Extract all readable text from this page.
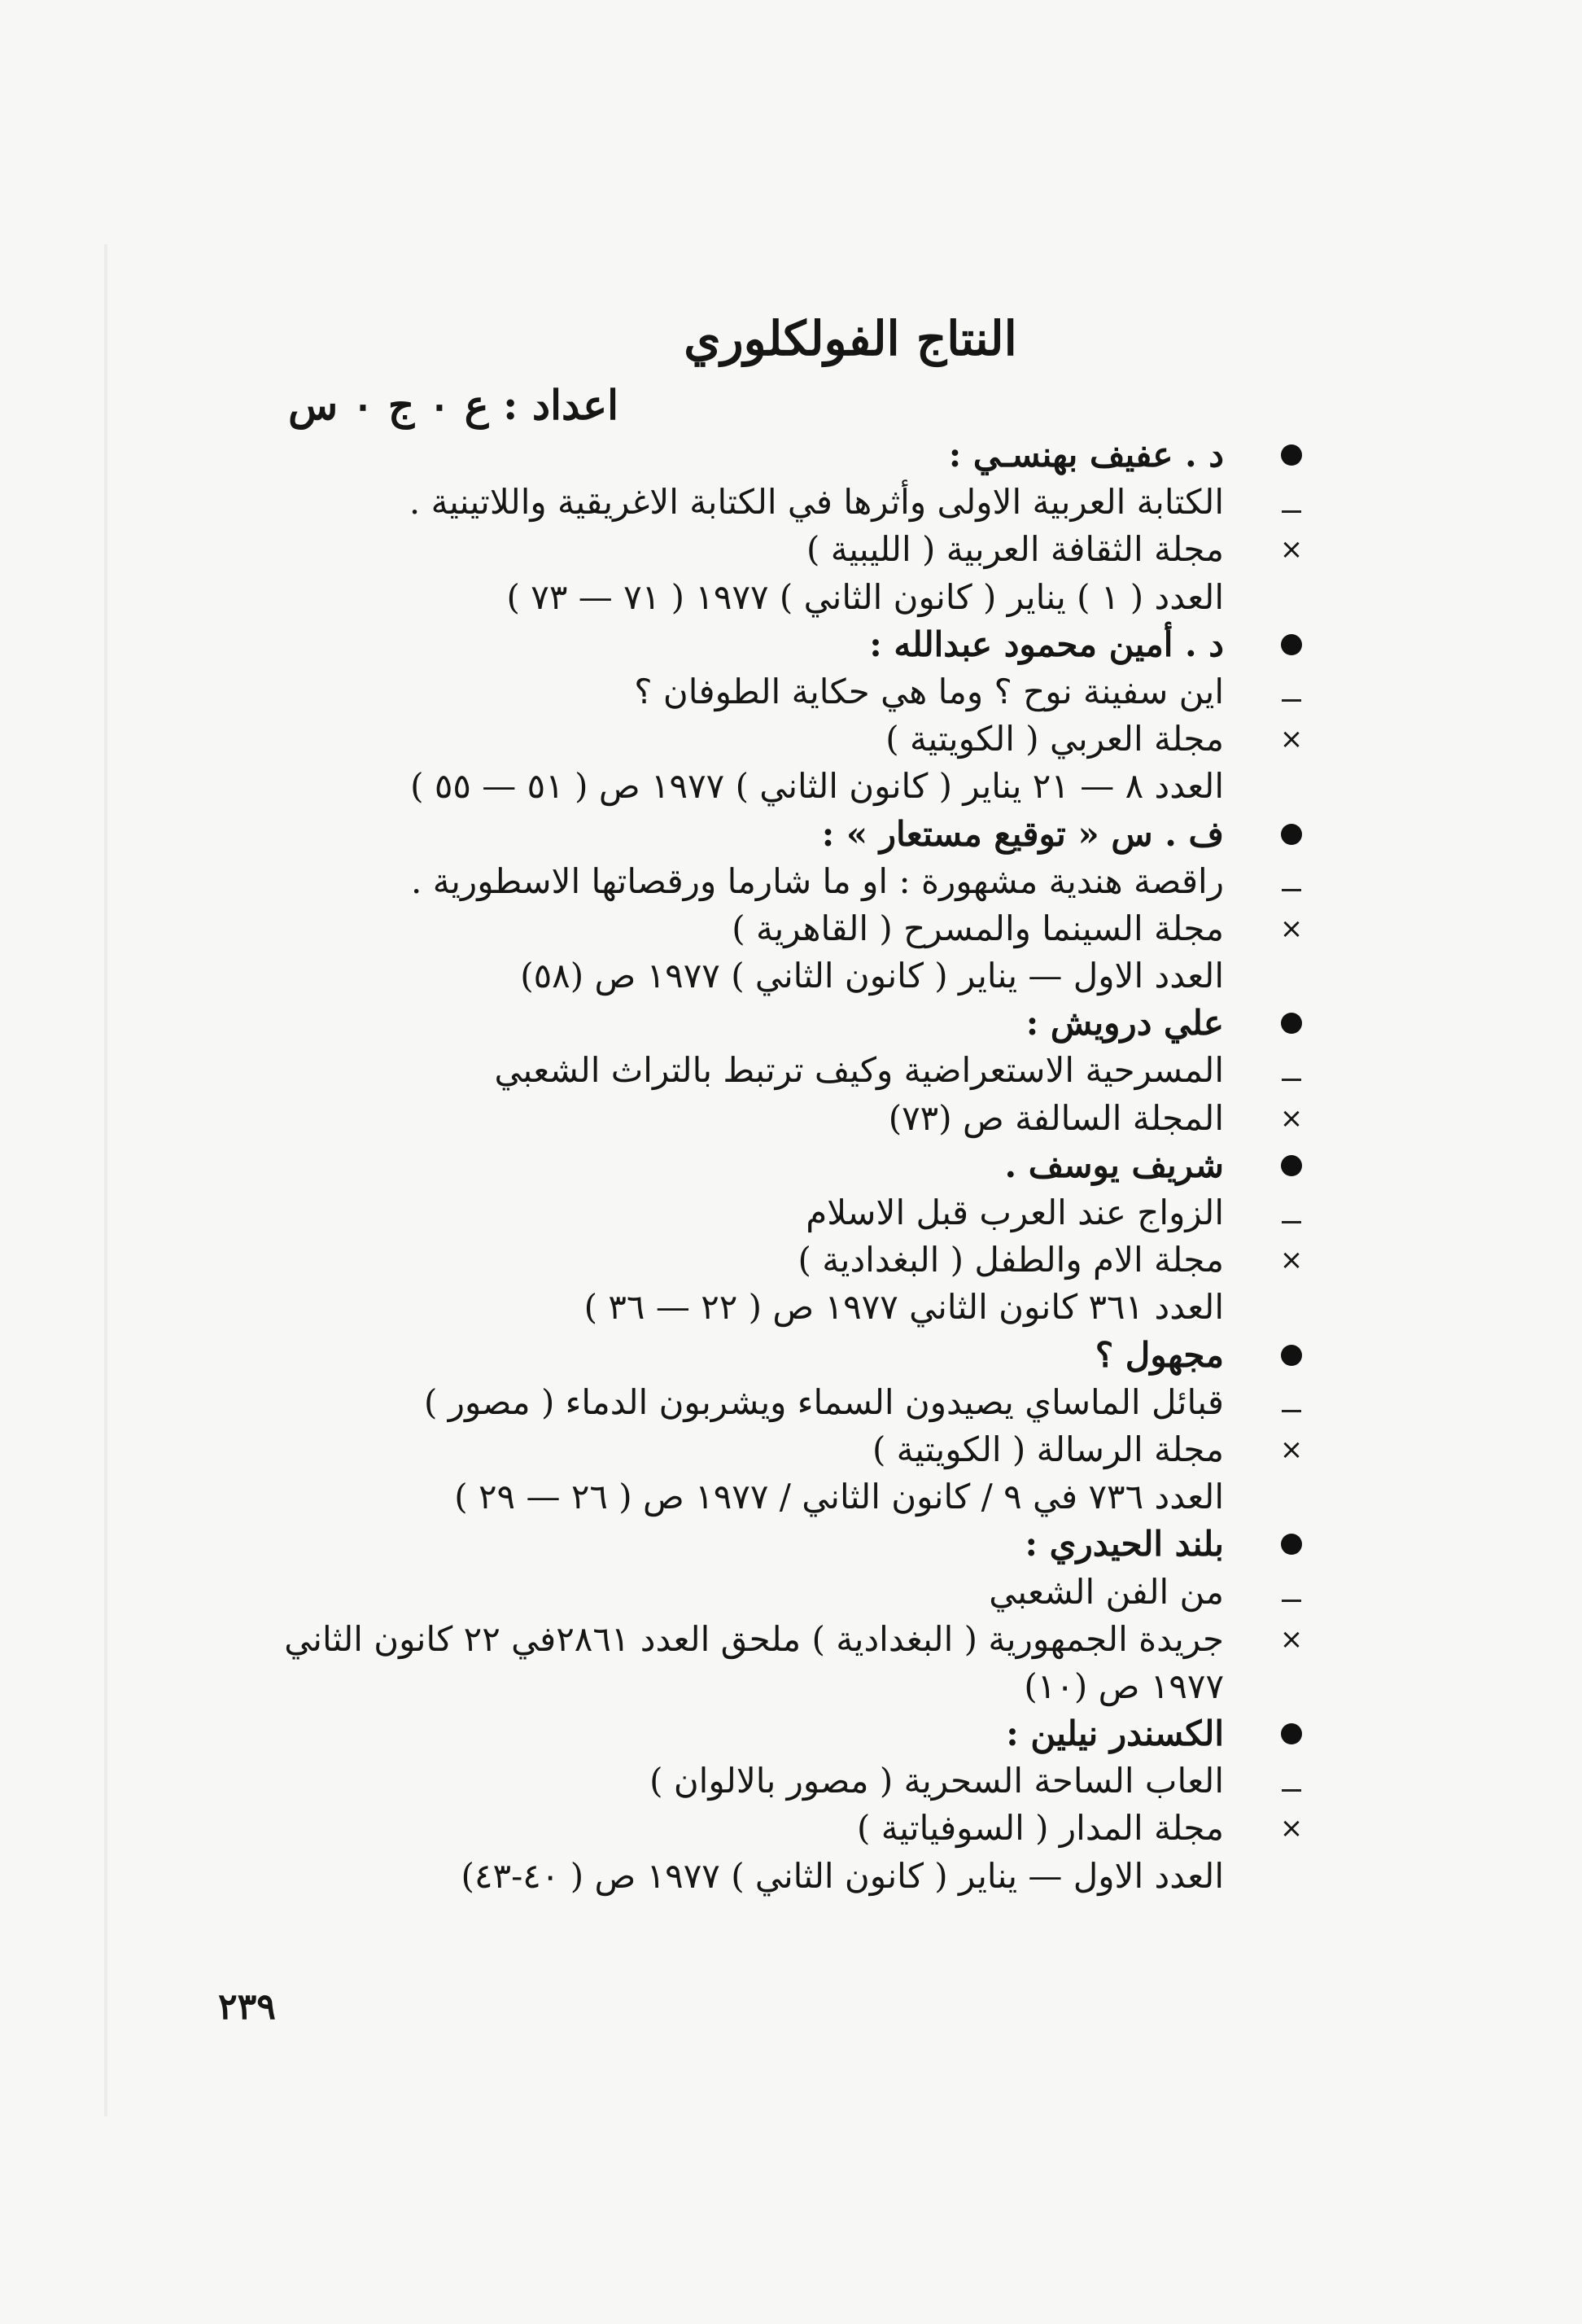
النتاج الفولكلوري
اعداد : ع ٠ ج ٠ س
د . عفيف بهنسـي :
الكتابة العربية الاولى وأثرها في الكتابة الاغريقية واللاتينية .
×
مجلة الثقافة العربية ( الليبية )
العدد ( ١ ) يناير ( كانون الثاني ) ١٩٧٧ ( ٧١ — ٧٣ )
د . أمين محمود عبدالله :
اين سفينة نوح ؟ وما هي حكاية الطوفان ؟
×
مجلة العربي ( الكويتية )
العدد ٨ — ٢١ يناير ( كانون الثاني ) ١٩٧٧ ص ( ٥١ — ٥٥ )
ف . س « توقيع مستعار » :
راقصة هندية مشهورة : او ما شارما ورقصاتها الاسطورية .
×
مجلة السينما والمسرح ( القاهرية )
العدد الاول — يناير ( كانون الثاني ) ١٩٧٧ ص (٥٨)
علي درويش :
المسرحية الاستعراضية وكيف ترتبط بالتراث الشعبي
×
المجلة السالفة ص (٧٣)
شريف يوسف .
الزواج عند العرب قبل الاسلام
×
مجلة الام والطفل ( البغدادية )
العدد ٣٦١ كانون الثاني ١٩٧٧ ص ( ٢٢ — ٣٦ )
مجهول ؟
قبائل الماساي يصيدون السماء ويشربون الدماء ( مصور )
×
مجلة الرسالة ( الكويتية )
العدد ٧٣٦ في ٩ / كانون الثاني / ١٩٧٧ ص ( ٢٦ — ٢٩ )
بلند الحيدري :
من الفن الشعبي
×
جريدة الجمهورية ( البغدادية ) ملحق العدد ٢٨٦١في ٢٢ كانون الثاني
١٩٧٧ ص (١٠)
الكسندر نيلين :
العاب الساحة السحرية ( مصور بالالوان )
×
مجلة المدار ( السوفياتية )
العدد الاول — يناير ( كانون الثاني ) ١٩٧٧ ص ( ٤٠-٤٣)
٢٣٩
